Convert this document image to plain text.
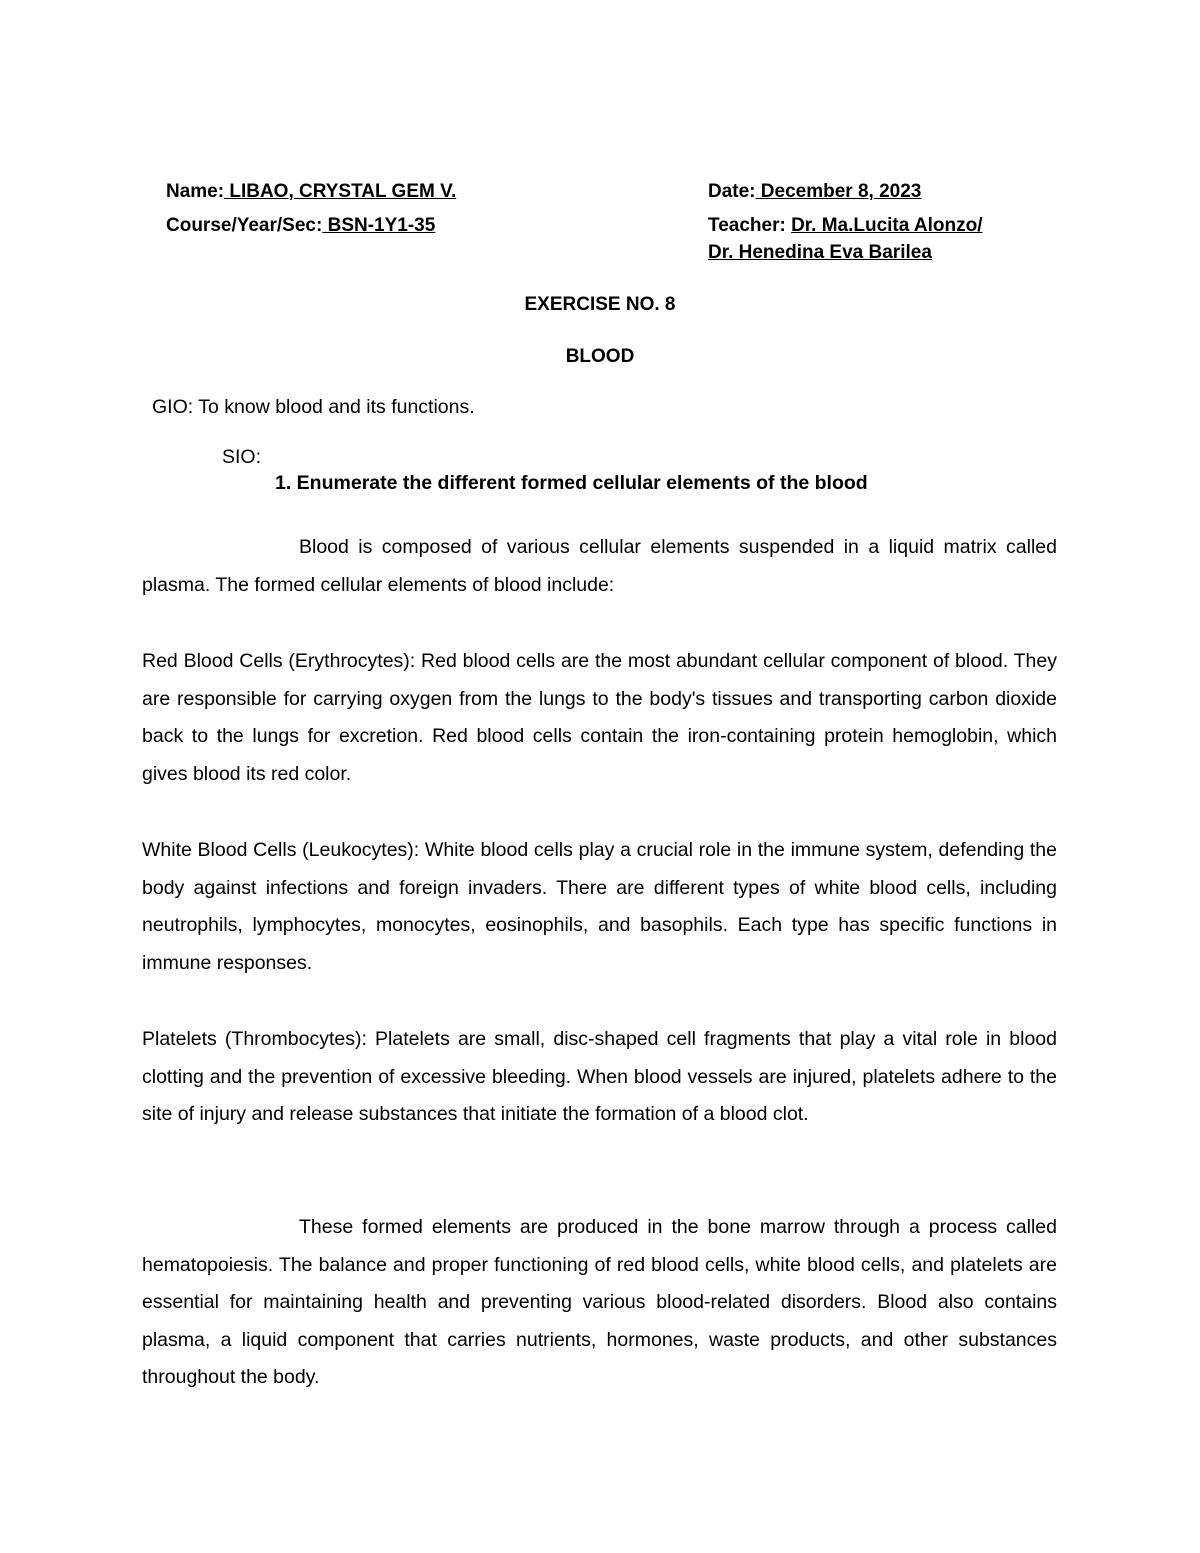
Name: LIBAO, CRYSTAL GEM V.	Date: December 8, 2023
Course/Year/Sec: BSN-1Y1-35	Teacher: Dr. Ma.Lucita Alonzo/
Dr. Henedina Eva Barilea
EXERCISE NO. 8
BLOOD
GIO: To know blood and its functions.
SIO:
1. Enumerate the different formed cellular elements of the blood
Blood is composed of various cellular elements suspended in a liquid matrix called plasma. The formed cellular elements of blood include:
Red Blood Cells (Erythrocytes): Red blood cells are the most abundant cellular component of blood. They are responsible for carrying oxygen from the lungs to the body's tissues and transporting carbon dioxide back to the lungs for excretion. Red blood cells contain the iron-containing protein hemoglobin, which gives blood its red color.
White Blood Cells (Leukocytes): White blood cells play a crucial role in the immune system, defending the body against infections and foreign invaders. There are different types of white blood cells, including neutrophils, lymphocytes, monocytes, eosinophils, and basophils. Each type has specific functions in immune responses.
Platelets (Thrombocytes): Platelets are small, disc-shaped cell fragments that play a vital role in blood clotting and the prevention of excessive bleeding. When blood vessels are injured, platelets adhere to the site of injury and release substances that initiate the formation of a blood clot.
These formed elements are produced in the bone marrow through a process called hematopoiesis. The balance and proper functioning of red blood cells, white blood cells, and platelets are essential for maintaining health and preventing various blood-related disorders. Blood also contains plasma, a liquid component that carries nutrients, hormones, waste products, and other substances throughout the body.
